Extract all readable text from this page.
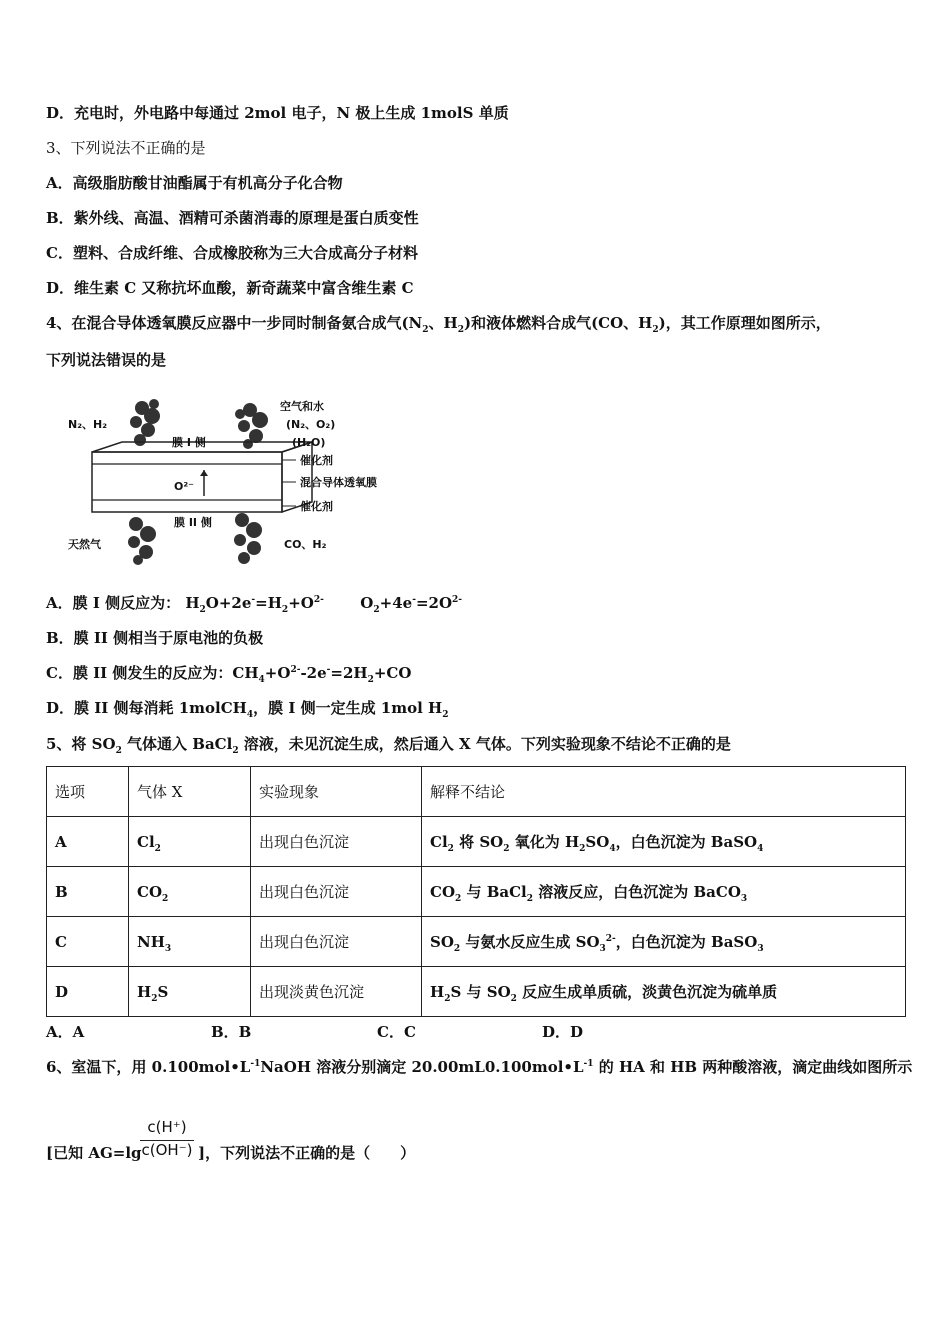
D．充电时，外电路中每通过 2mol 电子，N 极上生成 1molS 单质
3、下列说法不正确的是
A．高级脂肪酸甘油酯属于有机高分子化合物
B．紫外线、高温、酒精可杀菌消毒的原理是蛋白质变性
C．塑料、合成纤维、合成橡胶称为三大合成高分子材料
D．维生素 C 又称抗坏血酸，新奇蔬菜中富含维生素 C
4、在混合导体透氧膜反应器中一步同时制备氨合成气($N_2$、$H_2$)和液体燃料合成气(CO、$H_2$)，其工作原理如图所示，
下列说法错误的是
N₂、H₂
膜 I 侧
空气和水
(N₂、O₂)
(H₂O)
催化剂
混合导体透氧膜
催化剂
O²⁻
膜 II 侧
天然气	CO、H₂
A．膜 I 侧反应为： $H_2O+2e^-=H_2+O^{2-}$ $O_2+4e^-=2O^{2-}$
B．膜 II 侧相当于原电池的负极
C．膜 II 侧发生的反应为：$CH_4+O^{2-}-2e^-=2H_2+CO$
D．膜 II 侧每消耗 1molCH$_4$，膜 I 侧一定生成 1mol $H_2$
5、将 $SO_2$ 气体通入 BaCl$_2$ 溶液，未见沉淀生成，然后通入 X 气体。下列实验现象不结论不正确的是
选项	气体 X	实验现象	解释不结论
A	$Cl_2$	出现白色沉淀	$Cl_2$ 将 $SO_2$ 氧化为 $H_2SO_4$，白色沉淀为 BaSO$_4$
B	$CO_2$	出现白色沉淀	$CO_2$ 与 BaCl$_2$ 溶液反应，白色沉淀为 BaCO$_3$
C	$NH_3$	出现白色沉淀	$SO_2$ 与氨水反应生成 $SO_3^{2-}$，白色沉淀为 BaSO$_3$
D	$H_2S$	出现淡黄色沉淀	$H_2S$ 与 $SO_2$ 反应生成单质硫，淡黄色沉淀为硫单质
A．A	B．B	C．C	D．D
6、室温下，用 $0.100mol•L^{-1}NaOH$ 溶液分别滴定 $20.00mL0.100mol•L^{-1}$ 的 HA 和 HB 两种酸溶液，滴定曲线如图所示
[已知 AG=lg
c(H⁺)
c(OH⁻) ]，下列说法不正确的是（　　）
